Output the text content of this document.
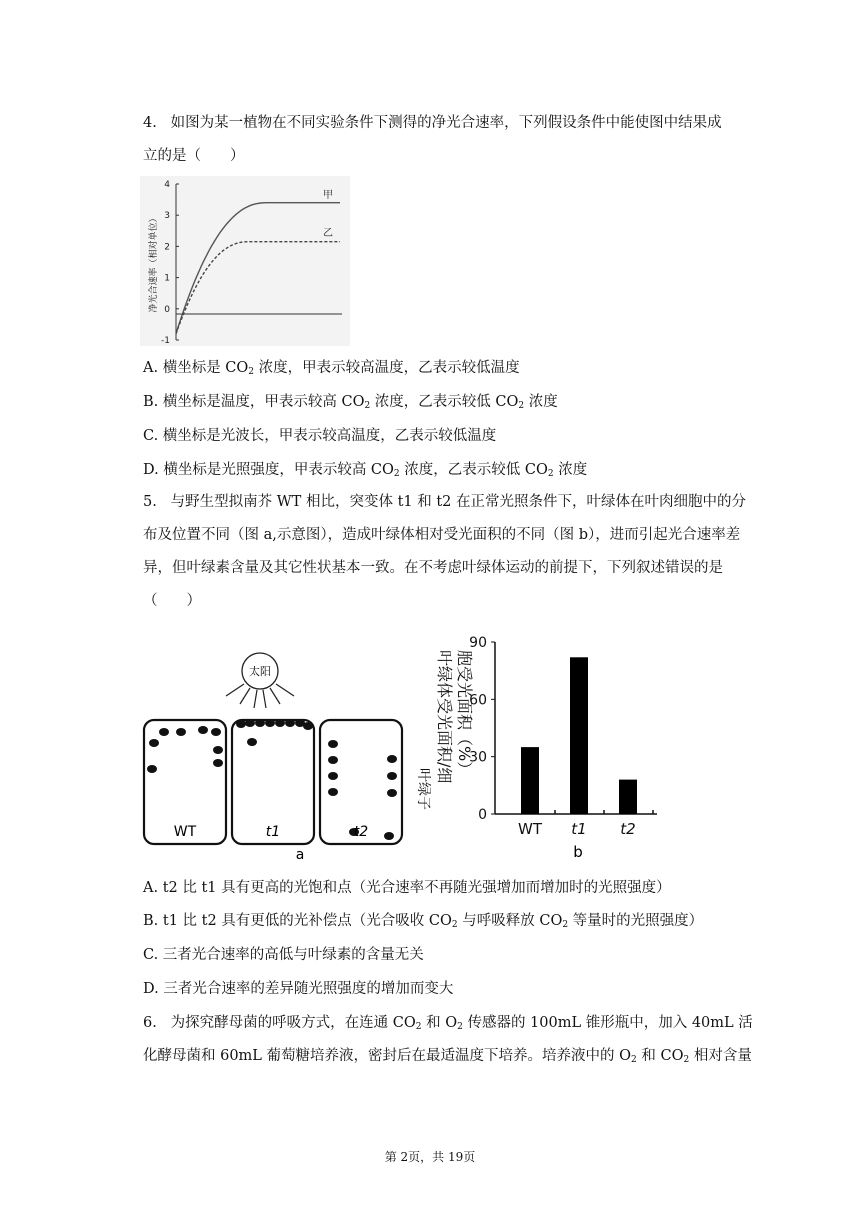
4.   如图为某一植物在不同实验条件下测得的净光合速率，下列假设条件中能使图中结果成
立的是（　　）
4
3
2
1
0
-1
净光合速率（相对单位）
甲
乙
A. 横坐标是 $CO_2$ 浓度，甲表示较高温度，乙表示较低温度
B. 横坐标是温度，甲表示较高 $CO_2$ 浓度，乙表示较低 $CO_2$ 浓度
C. 横坐标是光波长，甲表示较高温度，乙表示较低温度
D. 横坐标是光照强度，甲表示较高 $CO_2$ 浓度，乙表示较低 $CO_2$ 浓度
5.   与野生型拟南芥 WT 相比，突变体 t1 和 t2 在正常光照条件下，叶绿体在叶肉细胞中的分布及位置不同（图 a,示意图），造成叶绿体相对受光面积的不同（图 b），进而引起光合速率差异，但叶绿素含量及其它性状基本一致。在不考虑叶绿体运动的前提下，下列叙述错误的是（　　）
太阳
WT	t1	t2
a
叶绿体受光面积/细 胞受光面积（%）
叶绿子
90
60
30
0
WT t1 t2
b
A. t2 比 t1 具有更高的光饱和点（光合速率不再随光强增加而增加时的光照强度）
B. t1 比 t2 具有更低的光补偿点（光合吸收 $CO_2$ 与呼吸释放 $CO_2$ 等量时的光照强度）
C. 三者光合速率的高低与叶绿素的含量无关
D. 三者光合速率的差异随光照强度的增加而变大
6.   为探究酵母菌的呼吸方式，在连通 $CO_2$ 和 $O_2$ 传感器的 100mL 锥形瓶中，加入 40mL 活
化酵母菌和 60mL 葡萄糖培养液，密封后在最适温度下培养。培养液中的 $O_2$ 和 $CO_2$ 相对含量
第 2页，共 19页
